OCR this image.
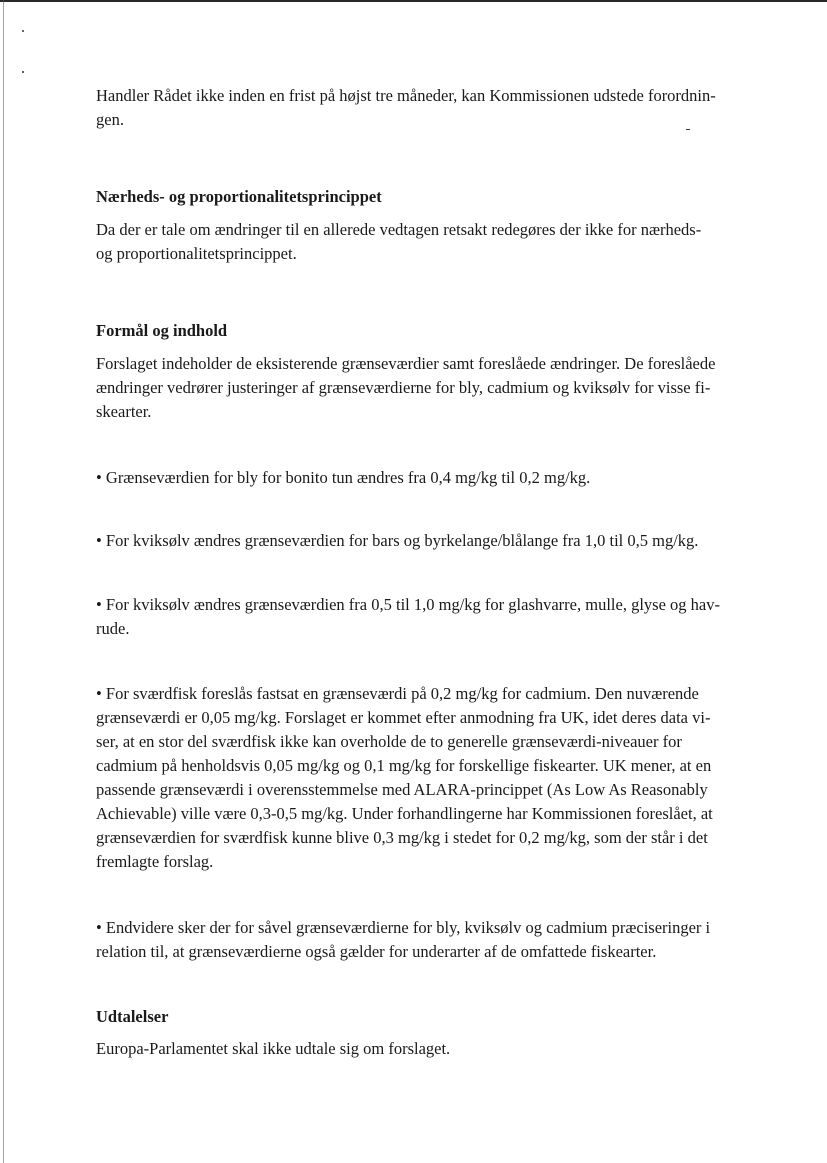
Handler Rådet ikke inden en frist på højst tre måneder, kan Kommissionen udstede forordnin-
gen.

Nærheds- og proportionalitetsprincippet

Da der er tale om ændringer til en allerede vedtagen retsakt redegøres der ikke for nærheds-
og proportionalitetsprincippet.

Formål og indhold

Forslaget indeholder de eksisterende grænseværdier samt foreslåede ændringer. De foreslåede
ændringer vedrører justeringer af grænseværdierne for bly, cadmium og kviksølv for visse fi-
skearter.

• Grænseværdien for bly for bonito tun ændres fra 0,4 mg/kg til 0,2 mg/kg.

• For kviksølv ændres grænseværdien for bars og byrkelange/blålange fra 1,0 til 0,5 mg/kg.

• For kviksølv ændres grænseværdien fra 0,5 til 1,0 mg/kg for glashvarre, mulle, glyse og hav-
rude.

• For sværdfisk foreslås fastsat en grænseværdi på 0,2 mg/kg for cadmium. Den nuværende
grænseværdi er 0,05 mg/kg. Forslaget er kommet efter anmodning fra UK, idet deres data vi-
ser, at en stor del sværdfisk ikke kan overholde de to generelle grænseværdi-niveauer for
cadmium på henholdsvis 0,05 mg/kg og 0,1 mg/kg for forskellige fiskearter. UK mener, at en
passende grænseværdi i overensstemmelse med ALARA-princippet (As Low As Reasonably
Achievable) ville være 0,3-0,5 mg/kg. Under forhandlingerne har Kommissionen foreslået, at
grænseværdien for sværdfisk kunne blive 0,3 mg/kg i stedet for 0,2 mg/kg, som der står i det
fremlagte forslag.

• Endvidere sker der for såvel grænseværdierne for bly, kviksølv og cadmium præciseringer i
relation til, at grænseværdierne også gælder for underarter af de omfattede fiskearter.

Udtalelser

Europa-Parlamentet skal ikke udtale sig om forslaget.
